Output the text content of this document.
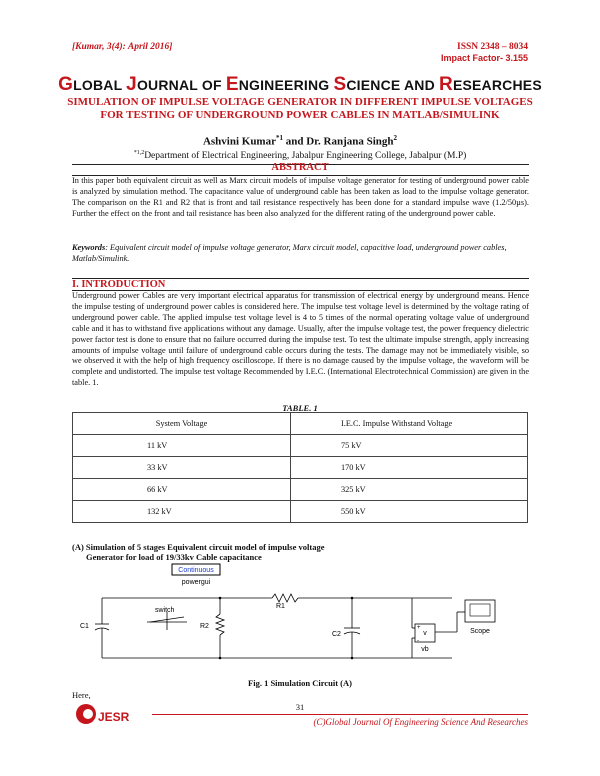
[Kumar, 3(4): April 2016]	ISSN 2348 – 8034
Impact Factor- 3.155
GLOBAL JOURNAL OF ENGINEERING SCIENCE AND RESEARCHES
SIMULATION OF IMPULSE VOLTAGE GENERATOR IN DIFFERENT IMPULSE VOLTAGES FOR TESTING OF UNDERGROUND POWER CABLES IN MATLAB/SIMULINK
Ashvini Kumar$^{*1}$ and Dr. Ranjana Singh$^2$
$^{*1,2}$Department of Electrical Engineering, Jabalpur Engineering College, Jabalpur (M.P)
ABSTRACT
In this paper both equivalent circuit as well as Marx circuit models of impulse voltage generator for testing of underground power cable is analyzed by simulation method. The capacitance value of underground cable has been taken as load to the impulse voltage generator. The comparison on the R1 and R2 that is front and tail resistance respectively has been done for a standard impulse wave (1.2/50µs). Further the effect on the front and tail resistance has been also analyzed for the different rating of the underground power cable.
Keywords: Equivalent circuit model of impulse voltage generator, Marx circuit model, capacitive load, underground power cables, Matlab/Simulink.
I. INTRODUCTION
Underground power Cables are very important electrical apparatus for transmission of electrical energy by underground means. Hence the impulse testing of underground power cables is considered here. The impulse test voltage level is determined by the voltage rating of underground power cable. The applied impulse test voltage level is 4 to 5 times of the normal operating voltage value of underground cable and it has to withstand five applications without any damage. Usually, after the impulse voltage test, the power frequency dielectric power factor test is done to ensure that no failure occurred during the impulse test. To test the ultimate impulse strength, apply increasing amounts of impulse voltage until failure of underground cable occurs during the tests. The damage may not be immediately visible, so we observed it with the help of high frequency oscilloscope. If there is no damage caused by the impulse voltage, the waveform will be complete and undistorted. The impulse test voltage Recommended by I.E.C. (International Electrotechnical Commission) are given in the table. 1.
TABLE. 1
System Voltage	I.E.C. Impulse Withstand Voltage
11 kV	75 kV
33 kV	170 kV
66 kV	325 kV
132 kV	550 kV
(A) Simulation of 5 stages Equivalent circuit model of impulse voltage
Generator for load of 19/33kv Cable capacitance
Continuous
powergui
v
+
-
vb
Scope
switch
R1
R2
C1
C2
Fig. 1 Simulation Circuit (A)
Here,
31
JESR	(C)Global Journal Of Engineering Science And Researches
